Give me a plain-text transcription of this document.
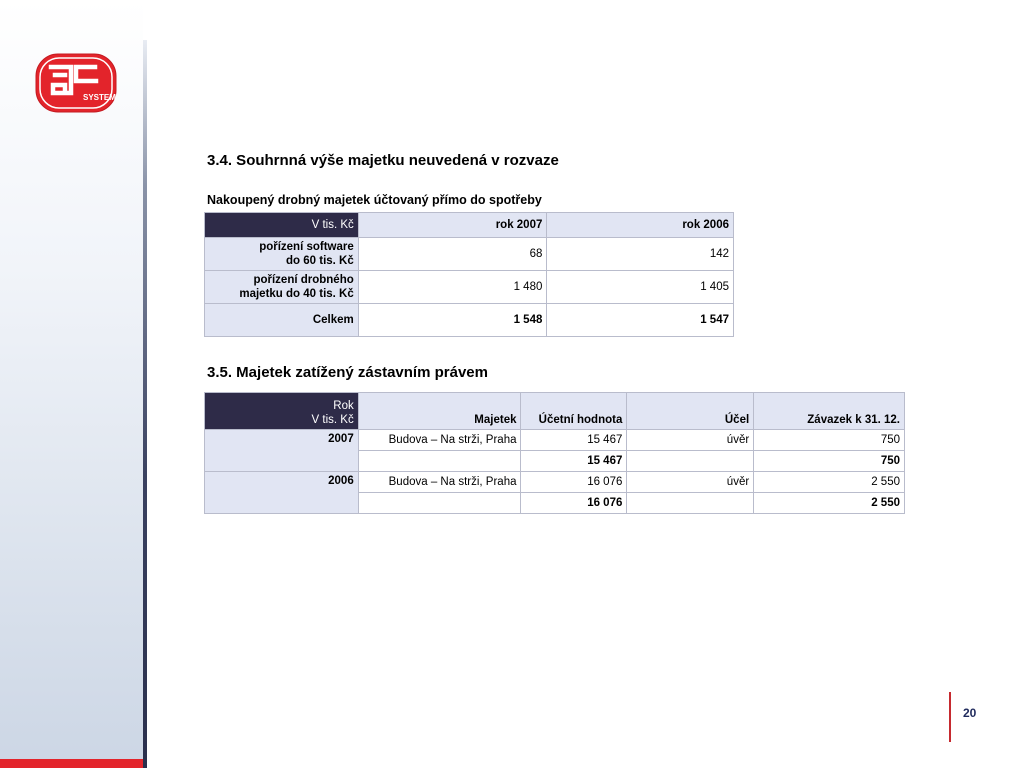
SYSTEM
3.4. Souhrnná výše majetku neuvedená v rozvaze
Nakoupený drobný majetek účtovaný přímo do spotřeby
V tis. Kč	rok 2007	rok 2006
pořízení software
do 60 tis. Kč	68	142
pořízení drobného
majetku do 40 tis. Kč	1 480	1 405
Celkem	1 548	1 547
3.5. Majetek zatížený zástavním právem
Rok
V tis. Kč	Majetek	Účetní hodnota	Účel	Závazek k 31. 12.
2007	Budova – Na strži, Praha	15 467	úvěr	750
		15 467		750
2006	Budova – Na strži, Praha	16 076	úvěr	2 550
		16 076		2 550
20
